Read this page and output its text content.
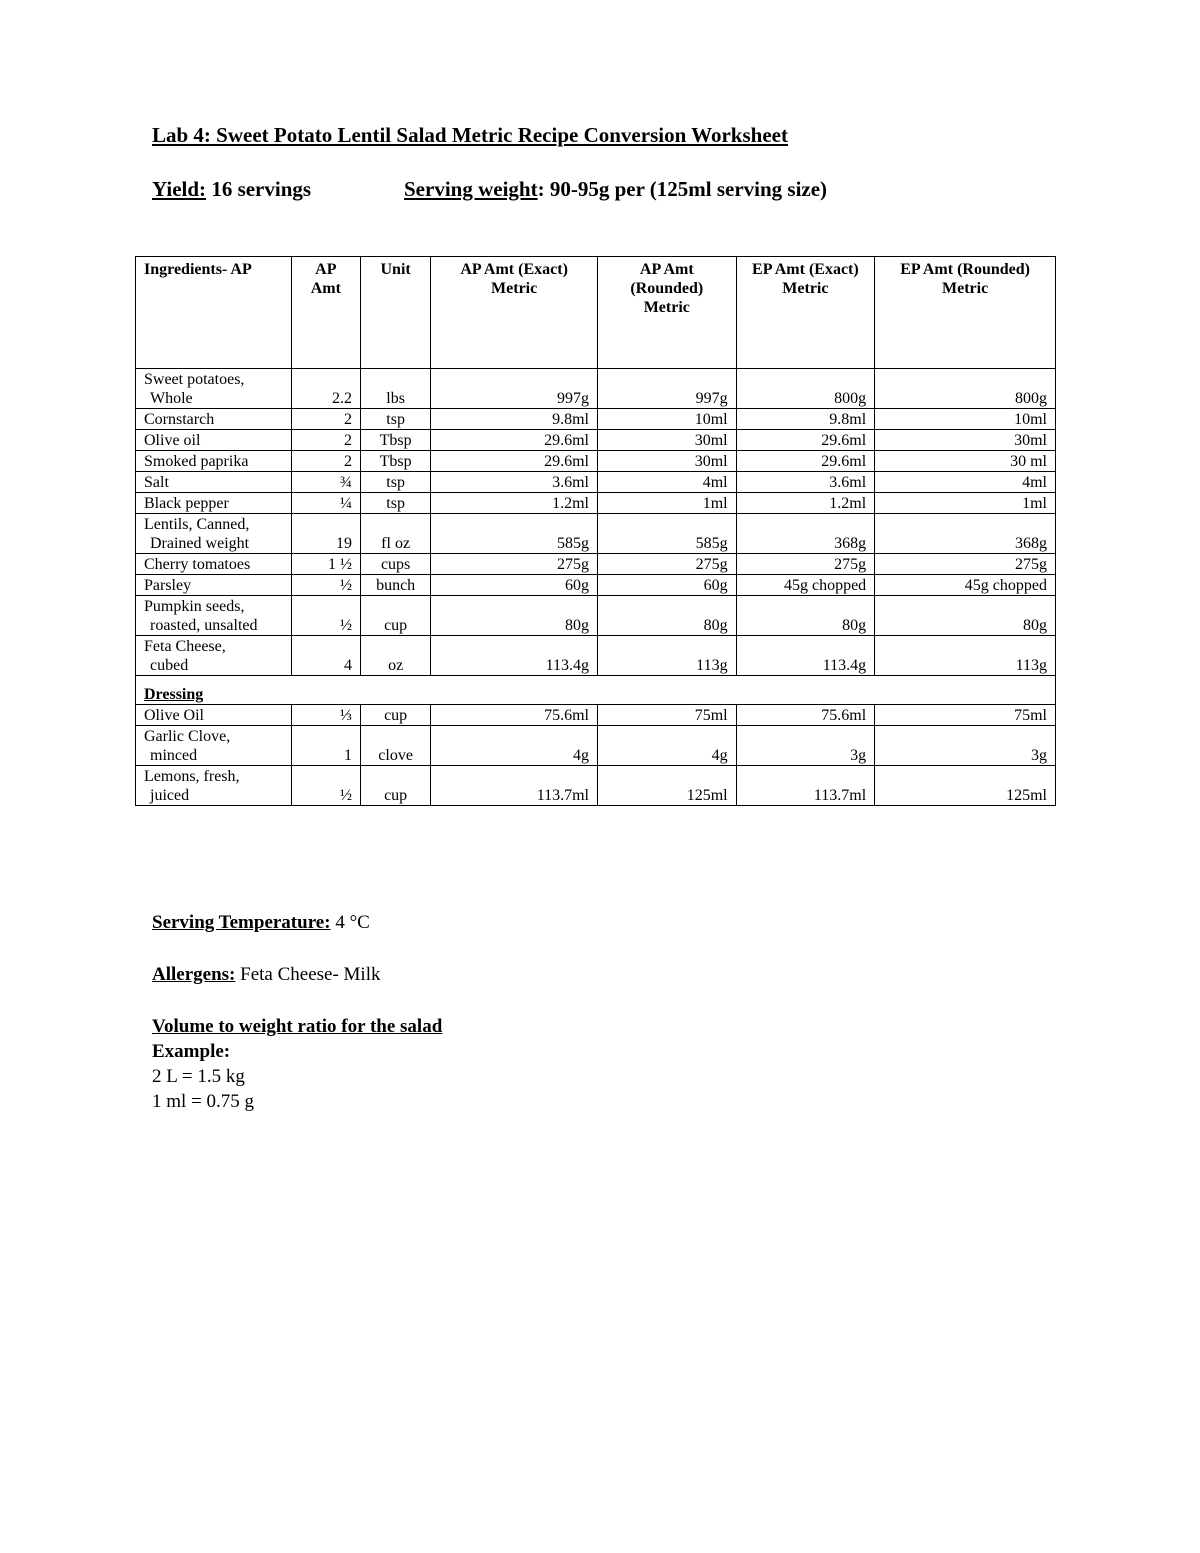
Lab 4: Sweet Potato Lentil Salad Metric Recipe Conversion Worksheet
Yield: 16 servings	Serving weight: 90-95g per (125ml serving size)
Ingredients- AP	AP Amt	Unit	AP Amt (Exact) Metric	AP Amt (Rounded) Metric	EP Amt (Exact) Metric	EP Amt (Rounded) Metric

Sweet potatoes,
Whole	2.2	lbs	997g	997g	800g	800g

Cornstarch	2	tsp	9.8ml	10ml	9.8ml	10ml

Olive oil	2	Tbsp	29.6ml	30ml	29.6ml	30ml

Smoked paprika	2	Tbsp	29.6ml	30ml	29.6ml	30 ml

Salt	¾	tsp	3.6ml	4ml	3.6ml	4ml

Black pepper	¼	tsp	1.2ml	1ml	1.2ml	1ml

Lentils, Canned,
Drained weight	19	fl oz	585g	585g	368g	368g

Cherry tomatoes	1 ½	cups	275g	275g	275g	275g

Parsley	½	bunch	60g	60g	45g chopped	45g chopped

Pumpkin seeds,
roasted, unsalted	½	cup	80g	80g	80g	80g

Feta Cheese,
cubed	4	oz	113.4g	113g	113.4g	113g
Dressing						

Olive Oil	⅓	cup	75.6ml	75ml	75.6ml	75ml

Garlic Clove,
minced	1	clove	4g	4g	3g	3g

Lemons, fresh,
juiced	½	cup	113.7ml	125ml	113.7ml	125ml
Serving Temperature: 4 °C
Allergens: Feta Cheese- Milk
Volume to weight ratio for the salad
Example:
2 L = 1.5 kg
1 ml = 0.75 g
